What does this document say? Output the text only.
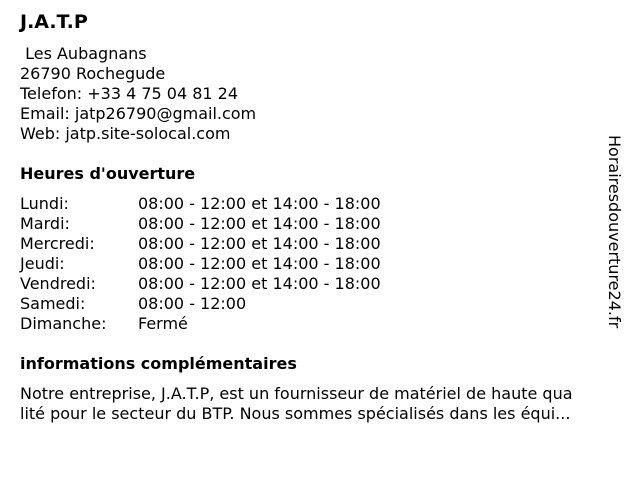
J.A.T.P
Les Aubagnans
26790 Rochegude
Telefon: +33 4 75 04 81 24
Email: jatp26790@gmail.com
Web: jatp.site-solocal.com
Heures d'ouverture
Lundi:	08:00 - 12:00 et 14:00 - 18:00
Mardi:	08:00 - 12:00 et 14:00 - 18:00
Mercredi:	08:00 - 12:00 et 14:00 - 18:00
Jeudi:	08:00 - 12:00 et 14:00 - 18:00
Vendredi:	08:00 - 12:00 et 14:00 - 18:00
Samedi:	08:00 - 12:00
Dimanche:	Fermé
informations complémentaires
Notre entreprise, J.A.T.P, est un fournisseur de matériel de haute qua
lité pour le secteur du BTP. Nous sommes spécialisés dans les équi...
Horairesdouverture24.fr
